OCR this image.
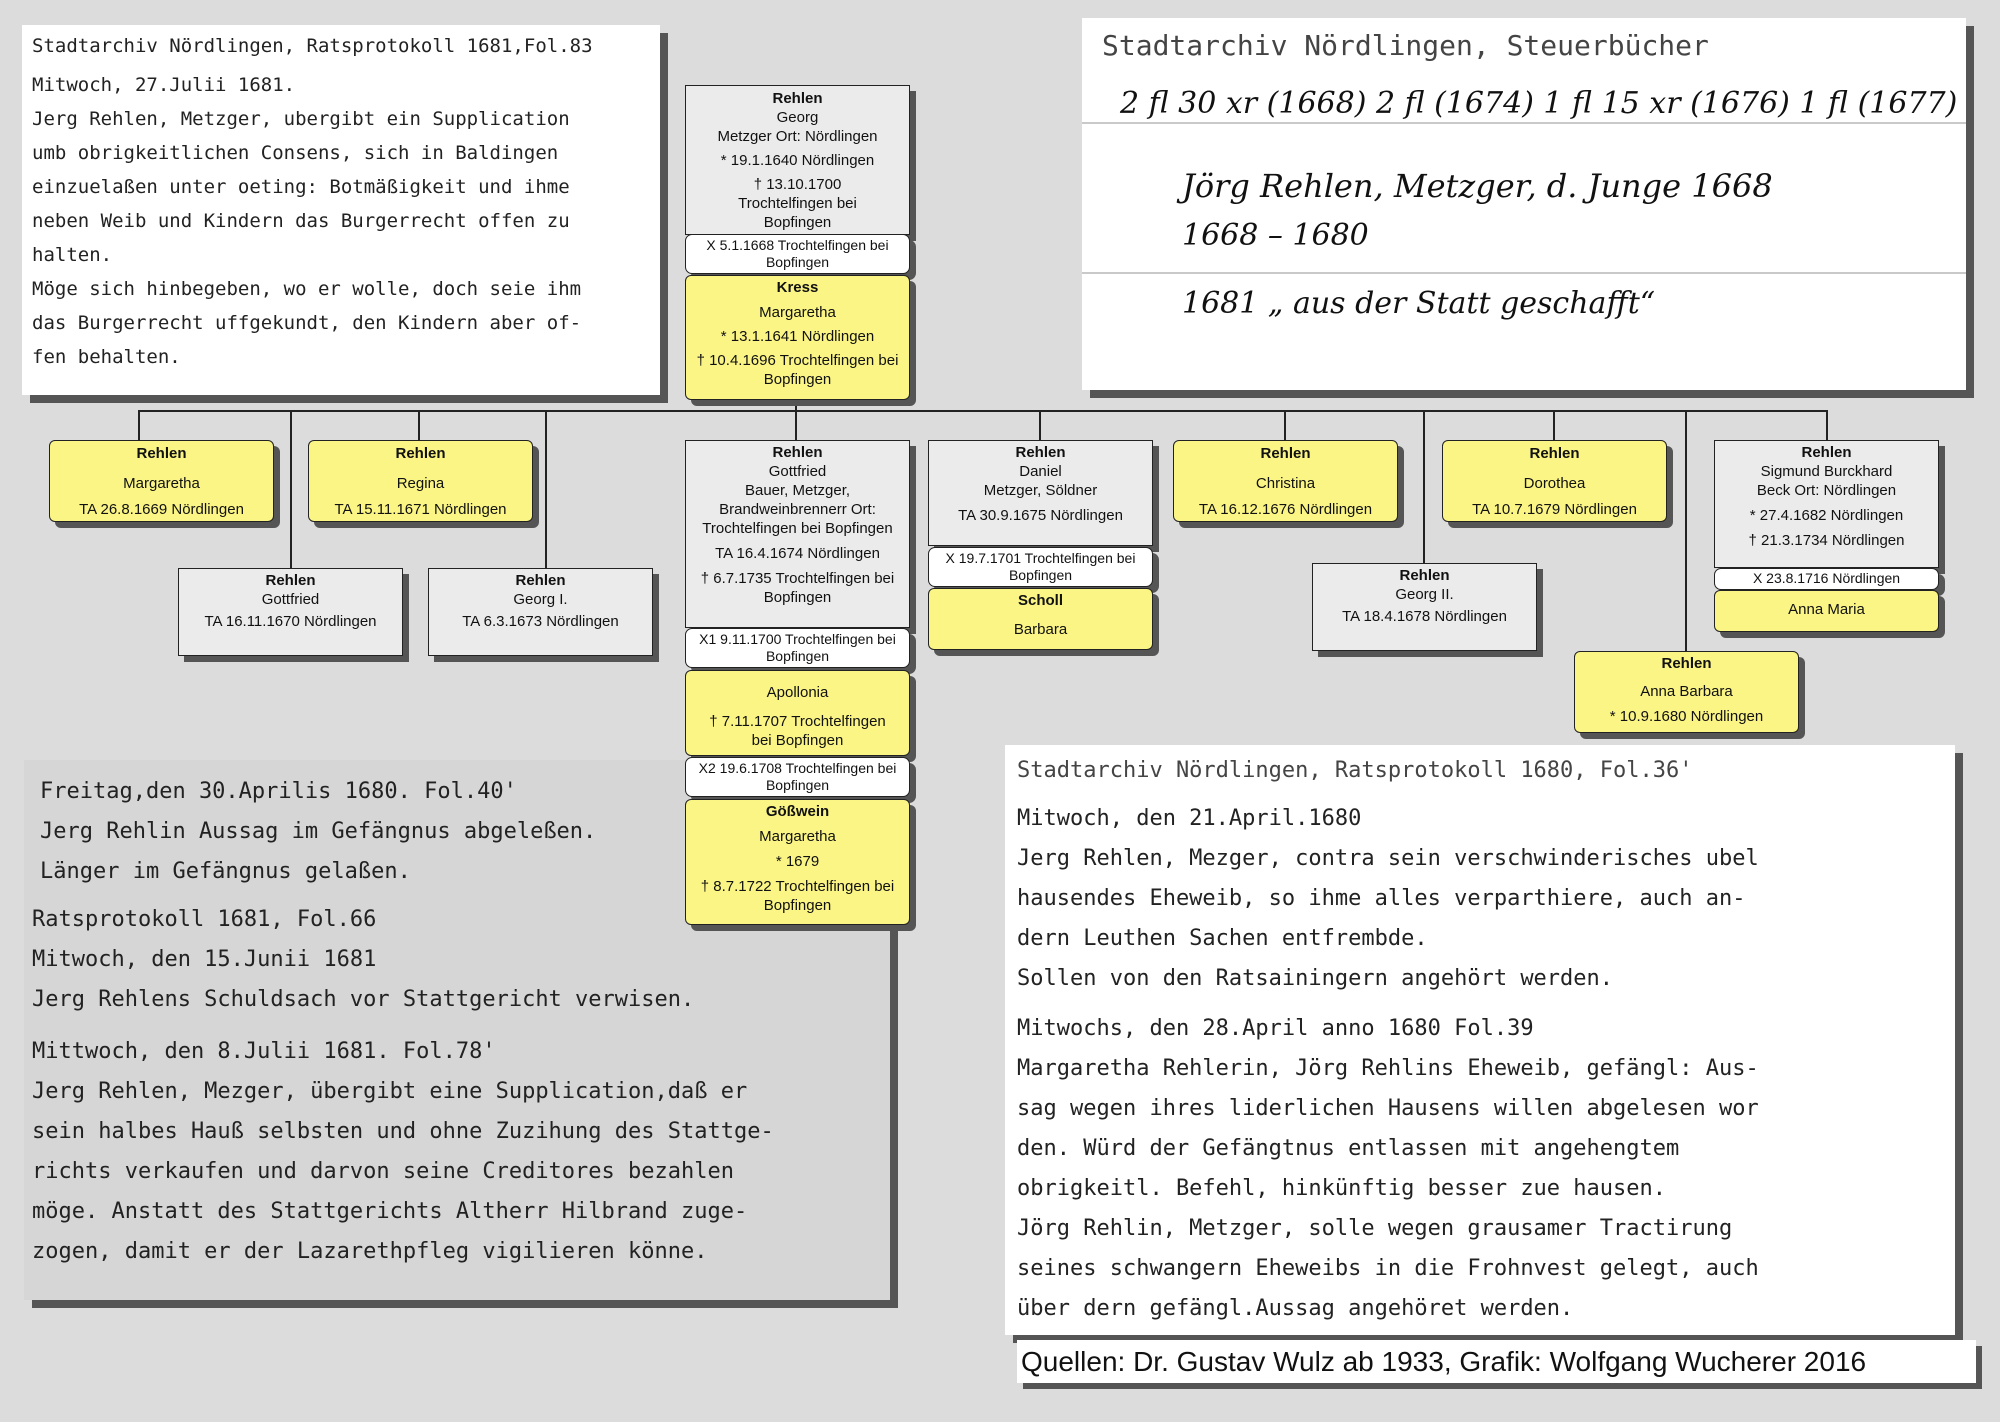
Stadtarchiv Nördlingen, Ratsprotokoll 1681,Fol.83
Mitwoch, 27.Julii 1681.
Jerg Rehlen, Metzger, ubergibt ein Supplication
umb obrigkeitlichen Consens, sich in Baldingen
einzuelaßen unter oeting: Botmäßigkeit und ihme
neben Weib und Kindern das Burgerrecht offen zu
halten.
Möge sich hinbegeben, wo er wolle, doch seie ihm
das Burgerrecht uffgekundt, den Kindern aber of-
fen behalten.
Stadtarchiv Nördlingen, Steuerbücher
2 fl 30 xr (1668) 2 fl (1674) 1 fl 15 xr (1676) 1 fl (1677)
Jörg Rehlen, Metzger, d. Junge 1668
1668 – 1680
1681 „ aus der Statt geschafft“
Freitag,den 30.Aprilis 1680. Fol.40'
Jerg Rehlin Aussag im Gefängnus abgeleßen.
Länger im Gefängnus gelaßen.
Ratsprotokoll 1681, Fol.66
Mitwoch, den 15.Junii 1681
Jerg Rehlens Schuldsach vor Stattgericht verwisen.
Mittwoch, den 8.Julii 1681. Fol.78'
Jerg Rehlen, Mezger, übergibt eine Supplication,daß er
sein halbes Hauß selbsten und ohne Zuzihung des Stattge-
richts verkaufen und darvon seine Creditores bezahlen
möge. Anstatt des Stattgerichts Altherr Hilbrand zuge-
zogen, damit er der Lazarethpfleg vigilieren könne.
Stadtarchiv Nördlingen, Ratsprotokoll 1680, Fol.36'
Mitwoch, den 21.April.1680
Jerg Rehlen, Mezger, contra sein verschwinderisches ubel
hausendes Eheweib, so ihme alles verparthiere, auch an-
dern Leuthen Sachen entfrembde.
Sollen von den Ratsainingern angehört werden.
Mitwochs, den 28.April anno 1680 Fol.39
Margaretha Rehlerin, Jörg Rehlins Eheweib, gefängl: Aus-
sag wegen ihres liderlichen Hausens willen abgelesen wor
den. Würd der Gefängtnus entlassen mit angehengtem
obrigkeitl. Befehl, hinkünftig besser zue hausen.
Jörg Rehlin, Metzger, solle wegen grausamer Tractirung
seines schwangern Eheweibs in die Frohnvest gelegt, auch
über dern gefängl.Aussag angehöret werden.
Rehlen
Georg
Metzger Ort: Nördlingen
* 19.1.1640 Nördlingen
† 13.10.1700 Trochtelfingen bei Bopfingen
X 5.1.1668 Trochtelfingen bei Bopfingen
Kress
Margaretha
* 13.1.1641 Nördlingen
† 10.4.1696 Trochtelfingen bei Bopfingen
Rehlen
Margaretha
TA 26.8.1669 Nördlingen
Rehlen
Regina
TA 15.11.1671 Nördlingen
Rehlen
Gottfried
TA 16.11.1670 Nördlingen
Rehlen
Georg I.
TA 6.3.1673 Nördlingen
Rehlen
Gottfried
Bauer, Metzger,
Brandweinbrennerr Ort:
Trochtelfingen bei Bopfingen
TA 16.4.1674 Nördlingen
† 6.7.1735 Trochtelfingen bei Bopfingen
X1 9.11.1700 Trochtelfingen bei Bopfingen
Apollonia
† 7.11.1707 Trochtelfingen bei Bopfingen
X2 19.6.1708 Trochtelfingen bei Bopfingen
Gößwein
Margaretha
* 1679
† 8.7.1722 Trochtelfingen bei Bopfingen
Rehlen
Daniel
Metzger, Söldner
TA 30.9.1675 Nördlingen
X 19.7.1701 Trochtelfingen bei Bopfingen
Scholl
Barbara
Rehlen
Christina
TA 16.12.1676 Nördlingen
Rehlen
Georg II.
TA 18.4.1678 Nördlingen
Rehlen
Dorothea
TA 10.7.1679 Nördlingen
Rehlen
Anna Barbara
* 10.9.1680 Nördlingen
Rehlen
Sigmund Burckhard
Beck Ort: Nördlingen
* 27.4.1682 Nördlingen
† 21.3.1734 Nördlingen
X 23.8.1716 Nördlingen
Anna Maria
Quellen: Dr. Gustav Wulz ab 1933, Grafik: Wolfgang Wucherer 2016
